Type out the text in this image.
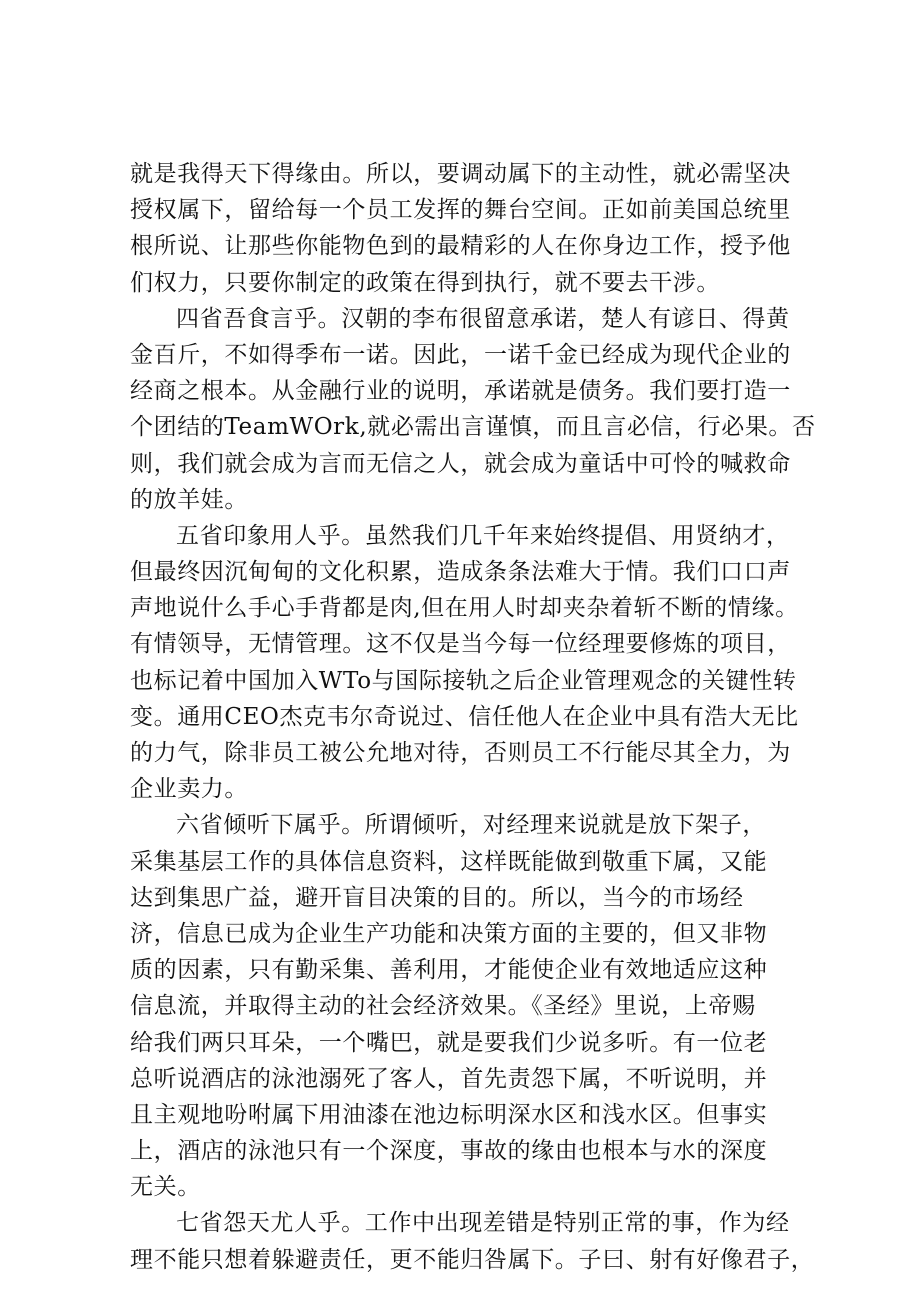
就是我得天下得缘由。所以，要调动属下的主动性，就必需坚决
授权属下，留给每一个员工发挥的舞台空间。正如前美国总统里
根所说、让那些你能物色到的最精彩的人在你身边工作，授予他
们权力，只要你制定的政策在得到执行，就不要去干涉。
四省吾食言乎。汉朝的李布很留意承诺，楚人有谚日、得黄
金百斤，不如得季布一诺。因此，一诺千金已经成为现代企业的
经商之根本。从金融行业的说明，承诺就是债务。我们要打造一
个团结的TeamWOrk,就必需出言谨慎，而且言必信，行必果。否
则，我们就会成为言而无信之人，就会成为童话中可怜的喊救命
的放羊娃。
五省印象用人乎。虽然我们几千年来始终提倡、用贤纳才，
但最终因沉甸甸的文化积累，造成条条法难大于情。我们口口声
声地说什么手心手背都是肉,但在用人时却夹杂着斩不断的情缘。
有情领导，无情管理。这不仅是当今每一位经理要修炼的项目，
也标记着中国加入WTo与国际接轨之后企业管理观念的关键性转
变。通用CEO杰克韦尔奇说过、信任他人在企业中具有浩大无比
的力气，除非员工被公允地对待，否则员工不行能尽其全力，为
企业卖力。
六省倾听下属乎。所谓倾听，对经理来说就是放下架子，
采集基层工作的具体信息资料，这样既能做到敬重下属，又能
达到集思广益，避开盲目决策的目的。所以，当今的市场经
济，信息已成为企业生产功能和决策方面的主要的，但又非物
质的因素，只有勤采集、善利用，才能使企业有效地适应这种
信息流，并取得主动的社会经济效果。《圣经》里说，上帝赐
给我们两只耳朵，一个嘴巴，就是要我们少说多听。有一位老
总听说酒店的泳池溺死了客人，首先责怨下属，不听说明，并
且主观地吩咐属下用油漆在池边标明深水区和浅水区。但事实
上，酒店的泳池只有一个深度，事故的缘由也根本与水的深度
无关。
七省怨天尤人乎。工作中出现差错是特别正常的事，作为经
理不能只想着躲避责任，更不能归咎属下。子曰、射有好像君子，
